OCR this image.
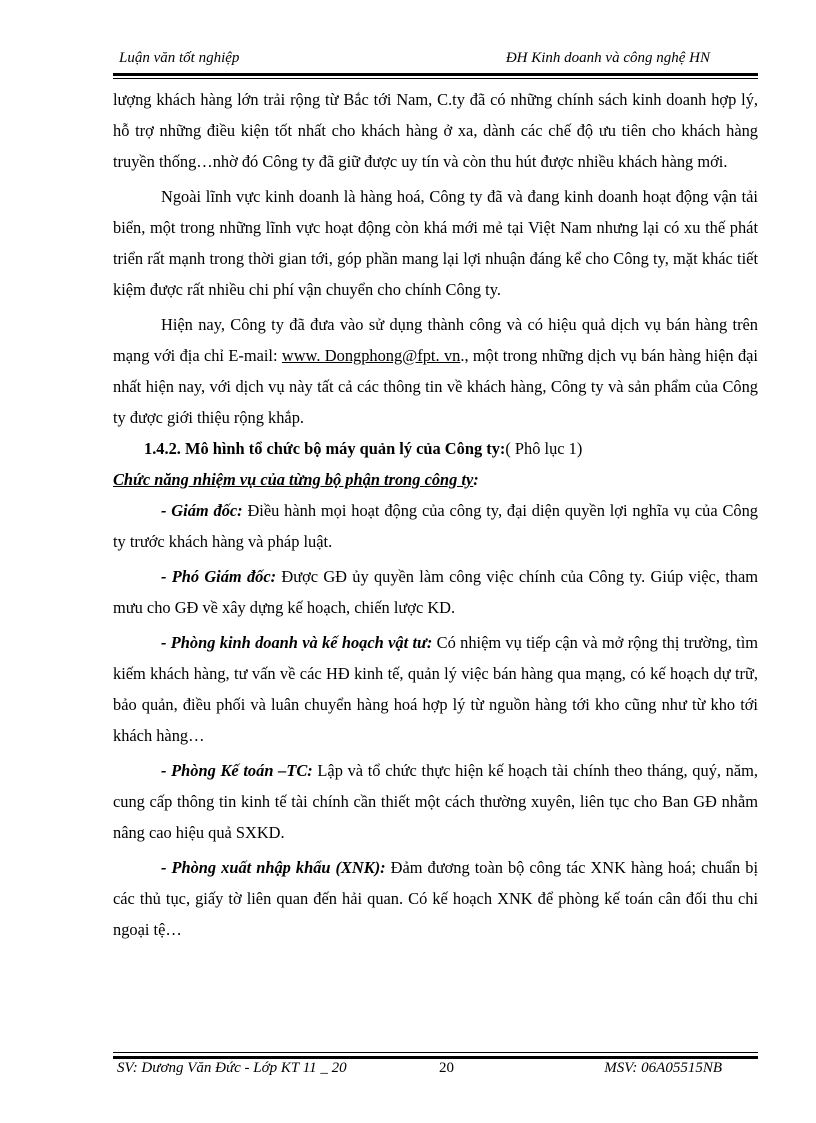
Luận văn tốt nghiệp	ĐH Kinh doanh và công nghệ HN

lượng khách hàng lớn trải rộng từ Bắc tới Nam, C.ty đã có những chính sách kinh doanh hợp lý, hỗ trợ những điều kiện tốt nhất cho khách hàng ở xa, dành các chế độ ưu tiên cho khách hàng truyền thống…nhờ đó Công ty đã giữ được uy tín và còn thu hút được nhiều khách hàng mới.

Ngoài lĩnh vực kinh doanh là hàng hoá, Công ty đã và đang kinh doanh hoạt động vận tải biển, một trong những lĩnh vực hoạt động còn khá mới mẻ tại Việt Nam nhưng lại có xu thế phát triển rất mạnh trong thời gian tới, góp phần mang lại lợi nhuận đáng kể cho Công ty, mặt khác tiết kiệm được rất nhiều chi phí vận chuyển cho chính Công ty.

Hiện nay, Công ty đã đưa vào sử dụng thành công và có hiệu quả dịch vụ bán hàng trên mạng với địa chỉ E-mail: www. Dongphong@fpt. vn., một trong những dịch vụ bán hàng hiện đại nhất hiện nay, với dịch vụ này tất cả các thông tin về khách hàng, Công ty và sản phẩm của Công ty được giới thiệu rộng khắp.

1.4.2. Mô hình tổ chức bộ máy quản lý của Công ty:( Phô lục 1)

Chức năng nhiệm vụ của từng bộ phận trong công ty:

- Giám đốc: Điều hành mọi hoạt động của công ty, đại diện quyền lợi nghĩa vụ của Công ty trước khách hàng và pháp luật.

- Phó Giám đốc: Được GĐ ủy quyền làm công việc chính của Công ty. Giúp việc, tham mưu cho GĐ về xây dựng kế hoạch, chiến lược KD.

- Phòng kinh doanh và kế hoạch vật tư: Có nhiệm vụ tiếp cận và mở rộng thị trường, tìm kiếm khách hàng, tư vấn về các HĐ kinh tế, quản lý việc bán hàng qua mạng, có kế hoạch dự trữ, bảo quản, điều phối và luân chuyển hàng hoá hợp lý từ nguồn hàng tới kho cũng như từ kho tới khách hàng…

- Phòng Kế toán –TC: Lập và tổ chức thực hiện kế hoạch tài chính theo tháng, quý, năm, cung cấp thông tin kinh tế tài chính cần thiết một cách thường xuyên, liên tục cho Ban GĐ nhằm nâng cao hiệu quả SXKD.

- Phòng xuất nhập khẩu (XNK): Đảm đương toàn bộ công tác XNK hàng hoá; chuẩn bị các thủ tục, giấy tờ liên quan đến hải quan. Có kế hoạch XNK để phòng kế toán cân đối thu chi ngoại tệ…

SV: Dương Văn Đức - Lớp KT 11 _ 20	20	MSV: 06A05515NB
